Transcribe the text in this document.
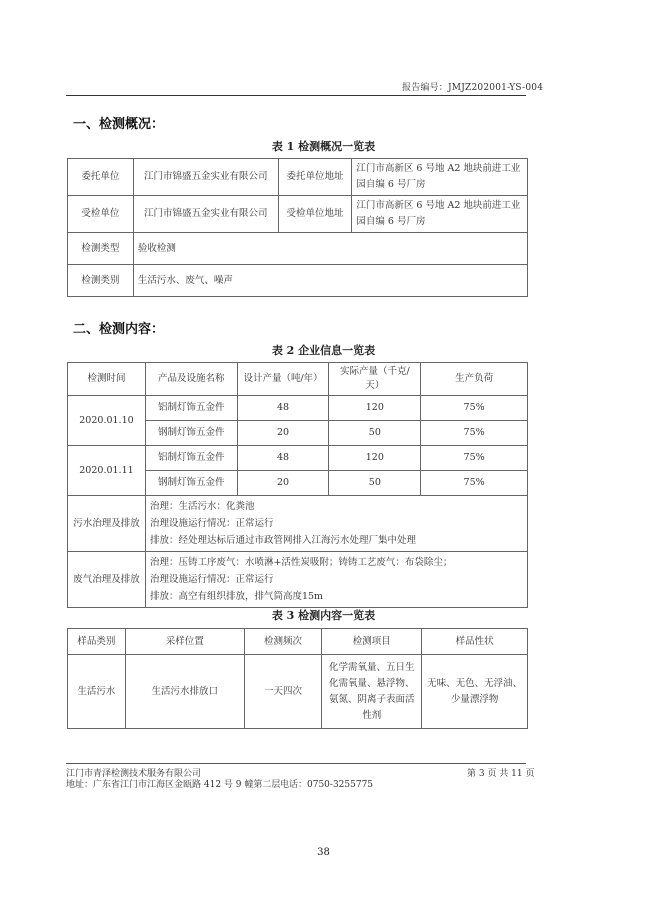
报告编号：JMJZ202001-YS-004
一、检测概况：
表 1 检测概况一览表
委托单位	江门市锦盛五金实业有限公司	委托单位地址	江门市高新区 6 号地 A2 地块前进工业园自编 6 号厂房
受检单位	江门市锦盛五金实业有限公司	受检单位地址	江门市高新区 6 号地 A2 地块前进工业园自编 6 号厂房
检测类型	验收检测		
检测类别	生活污水、废气、噪声		
二、检测内容：
表 2 企业信息一览表
检测时间	产品及设施名称	设计产量（吨/年）	实际产量（千克/天）	生产负荷
2020.01.10	铝制灯饰五金件	48	120	75%
	钢制灯饰五金件	20	50	75%
2020.01.11	铝制灯饰五金件	48	120	75%
	钢制灯饰五金件	20	50	75%
污水治理及排放	治理：生活污水：化粪池
治理设施运行情况：正常运行
排放：经处理达标后通过市政管网排入江海污水处理厂集中处理			

废气治理及排放	治理：压铸工序废气：水喷淋+活性炭吸附；铸铸工艺废气：布袋除尘；
治理设施运行情况：正常运行
排放：高空有组织排放，排气筒高度15m			
表 3 检测内容一览表
样品类别	采样位置	检测频次	检测项目	样品性状
生活污水	生活污水排放口	一天四次	化学需氧量、五日生化需氧量、悬浮物、氨氮、阴离子表面活性剂	无味、无色、无浮油、少量漂浮物
江门市青泽检测技术服务有限公司	第 3 页 共 11 页
地址：广东省江门市江海区金瓯路 412 号 9 幢第二层 电话：0750-3255775
38
